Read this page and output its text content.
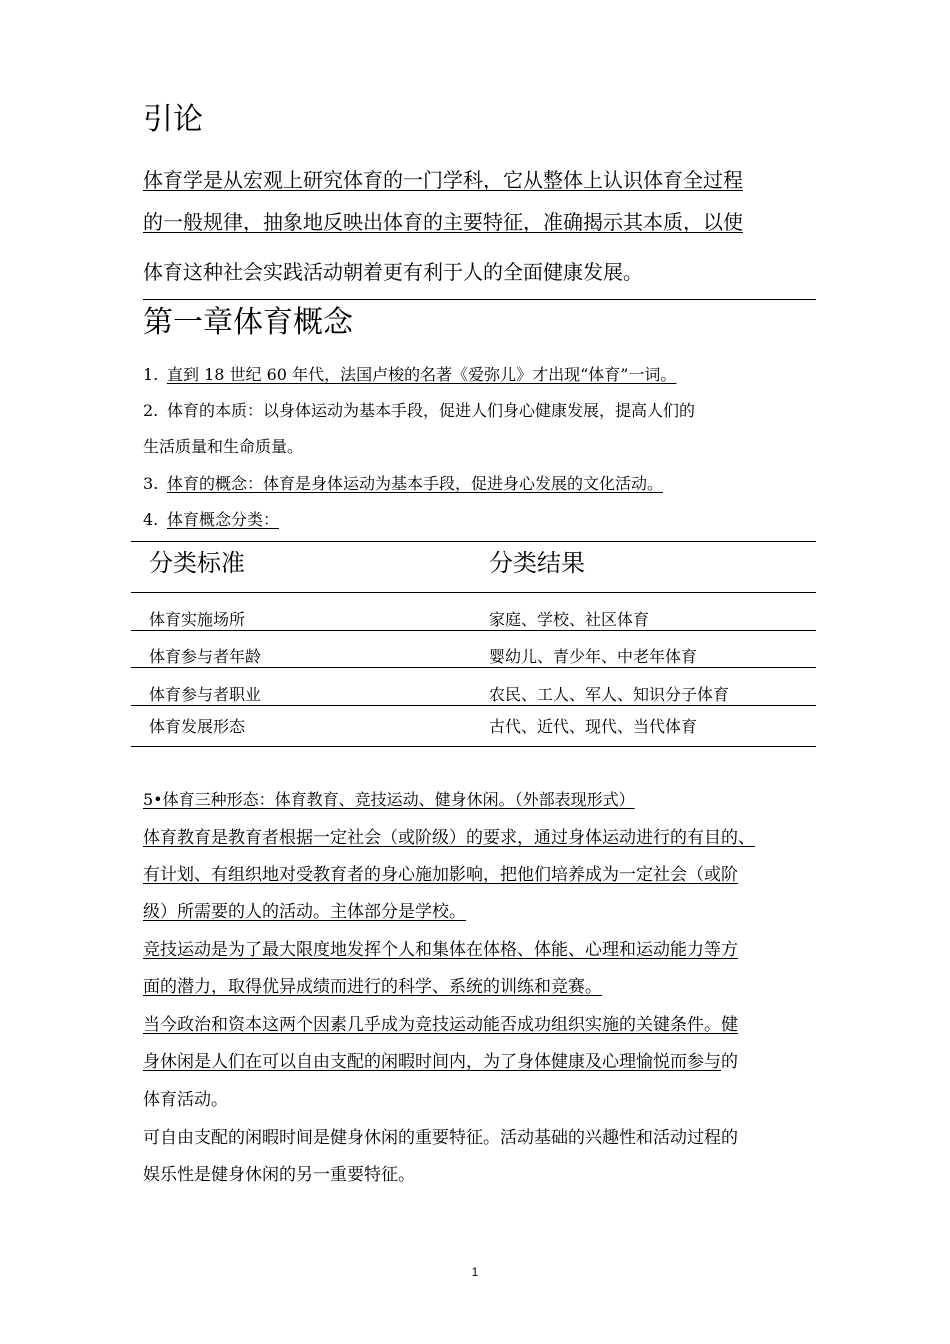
引论
体育学是从宏观上研究体育的一门学科，它从整体上认识体育全过程
的一般规律，抽象地反映出体育的主要特征，准确揭示其本质，以使
体育这种社会实践活动朝着更有利于人的全面健康发展。
第一章体育概念
1. 直到 18 世纪 60 年代，法国卢梭的名著《爱弥儿》才出现“体育”一词。
2. 体育的本质：以身体运动为基本手段，促进人们身心健康发展，提高人们的
生活质量和生命质量。
3. 体育的概念：体育是身体运动为基本手段，促进身心发展的文化活动。
4. 体育概念分类：
分类标准	分类结果
体育实施场所	家庭、学校、社区体育
体育参与者年龄	婴幼儿、青少年、中老年体育
体育参与者职业	农民、工人、军人、知识分子体育
体育发展形态	古代、近代、现代、当代体育
5•体育三种形态：体育教育、竞技运动、健身休闲。（外部表现形式）
体育教育是教育者根据一定社会（或阶级）的要求，通过身体运动进行的有目的、
有计划、有组织地对受教育者的身心施加影响，把他们培养成为一定社会（或阶
级）所需要的人的活动。主体部分是学校。
竞技运动是为了最大限度地发挥个人和集体在体格、体能、心理和运动能力等方
面的潜力，取得优异成绩而进行的科学、系统的训练和竞赛。
当今政治和资本这两个因素几乎成为竞技运动能否成功组织实施的关键条件。健
身休闲是人们在可以自由支配的闲暇时间内，为了身体健康及心理愉悦而参与的
体育活动。
可自由支配的闲暇时间是健身休闲的重要特征。活动基础的兴趣性和活动过程的
娱乐性是健身休闲的另一重要特征。
1
